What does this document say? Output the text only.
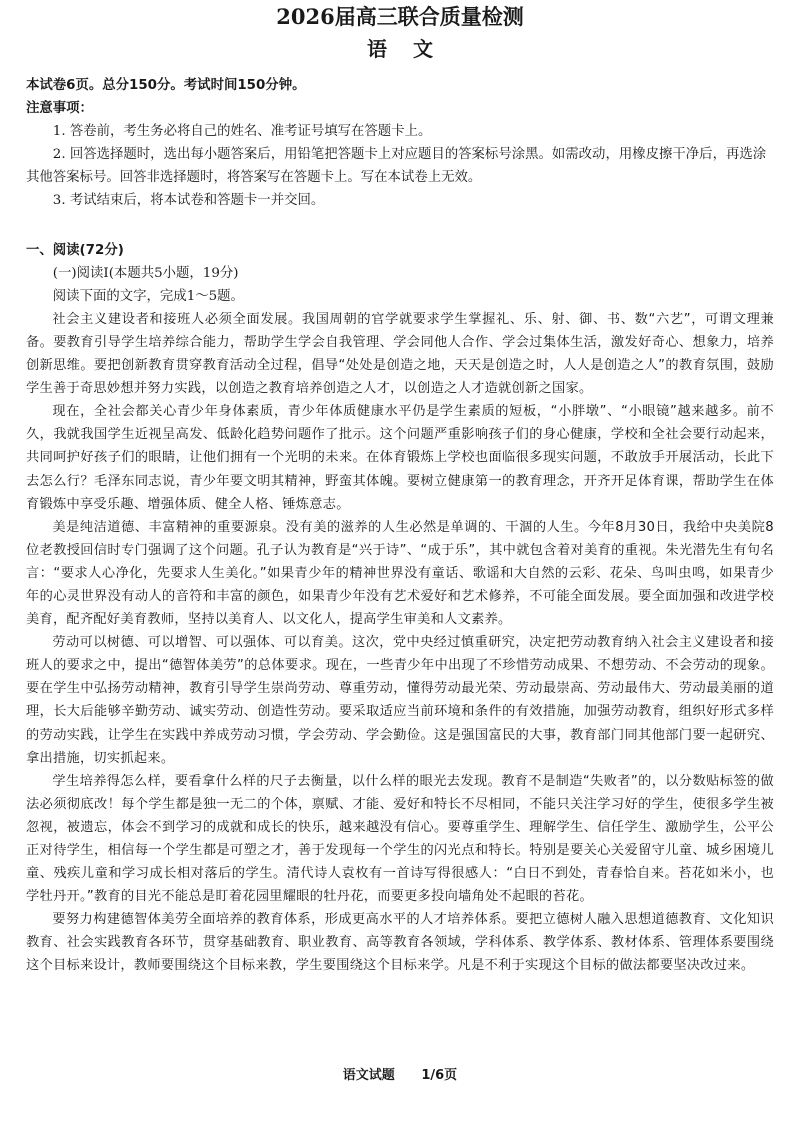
2026届高三联合质量检测
语文

本试卷6页。总分150分。考试时间150分钟。

注意事项：

1. 答卷前，考生务必将自己的姓名、准考证号填写在答题卡上。

2. 回答选择题时，选出每小题答案后，用铅笔把答题卡上对应题目的答案标号涂黑。如需改动，用橡皮擦干净后，再选涂其他答案标号。回答非选择题时，将答案写在答题卡上。写在本试卷上无效。

3. 考试结束后，将本试卷和答题卡一并交回。

一、阅读(72分)

(一)阅读Ⅰ(本题共5小题，19分)

阅读下面的文字，完成1～5题。

社会主义建设者和接班人必须全面发展。我国周朝的官学就要求学生掌握礼、乐、射、御、书、数“六艺”，可谓文理兼备。要教育引导学生培养综合能力，帮助学生学会自我管理、学会同他人合作、学会过集体生活，激发好奇心、想象力，培养创新思维。要把创新教育贯穿教育活动全过程，倡导“处处是创造之地，天天是创造之时，人人是创造之人”的教育氛围，鼓励学生善于奇思妙想并努力实践，以创造之教育培养创造之人才，以创造之人才造就创新之国家。

现在，全社会都关心青少年身体素质，青少年体质健康水平仍是学生素质的短板，“小胖墩”、“小眼镜”越来越多。前不久，我就我国学生近视呈高发、低龄化趋势问题作了批示。这个问题严重影响孩子们的身心健康，学校和全社会要行动起来，共同呵护好孩子们的眼睛，让他们拥有一个光明的未来。在体育锻炼上学校也面临很多现实问题，不敢放手开展活动，长此下去怎么行？毛泽东同志说，青少年要文明其精神，野蛮其体魄。要树立健康第一的教育理念，开齐开足体育课，帮助学生在体育锻炼中享受乐趣、增强体质、健全人格、锤炼意志。

美是纯洁道德、丰富精神的重要源泉。没有美的滋养的人生必然是单调的、干涸的人生。今年8月30日，我给中央美院8位老教授回信时专门强调了这个问题。孔子认为教育是“兴于诗”、“成于乐”，其中就包含着对美育的重视。朱光潜先生有句名言：“要求人心净化，先要求人生美化。”如果青少年的精神世界没有童话、歌谣和大自然的云彩、花朵、鸟叫虫鸣，如果青少年的心灵世界没有动人的音符和丰富的颜色，如果青少年没有艺术爱好和艺术修养，不可能全面发展。要全面加强和改进学校美育，配齐配好美育教师，坚持以美育人、以文化人，提高学生审美和人文素养。

劳动可以树德、可以增智、可以强体、可以育美。这次，党中央经过慎重研究，决定把劳动教育纳入社会主义建设者和接班人的要求之中，提出“德智体美劳”的总体要求。现在，一些青少年中出现了不珍惜劳动成果、不想劳动、不会劳动的现象。要在学生中弘扬劳动精神，教育引导学生崇尚劳动、尊重劳动，懂得劳动最光荣、劳动最崇高、劳动最伟大、劳动最美丽的道理，长大后能够辛勤劳动、诚实劳动、创造性劳动。要采取适应当前环境和条件的有效措施，加强劳动教育，组织好形式多样的劳动实践，让学生在实践中养成劳动习惯，学会劳动、学会勤俭。这是强国富民的大事，教育部门同其他部门要一起研究、拿出措施，切实抓起来。

学生培养得怎么样，要看拿什么样的尺子去衡量，以什么样的眼光去发现。教育不是制造“失败者”的，以分数贴标签的做法必须彻底改！每个学生都是独一无二的个体，禀赋、才能、爱好和特长不尽相同，不能只关注学习好的学生，使很多学生被忽视，被遗忘，体会不到学习的成就和成长的快乐，越来越没有信心。要尊重学生、理解学生、信任学生、激励学生，公平公正对待学生，相信每一个学生都是可塑之才，善于发现每一个学生的闪光点和特长。特别是要关心关爱留守儿童、城乡困境儿童、残疾儿童和学习成长相对落后的学生。清代诗人袁枚有一首诗写得很感人：“白日不到处，青春恰自来。苔花如米小，也学牡丹开。”教育的目光不能总是盯着花园里耀眼的牡丹花，而要更多投向墙角处不起眼的苔花。

要努力构建德智体美劳全面培养的教育体系，形成更高水平的人才培养体系。要把立德树人融入思想道德教育、文化知识教育、社会实践教育各环节，贯穿基础教育、职业教育、高等教育各领域，学科体系、教学体系、教材体系、管理体系要围绕这个目标来设计，教师要围绕这个目标来教，学生要围绕这个目标来学。凡是不利于实现这个目标的做法都要坚决改过来。

语文试题 1/6页
